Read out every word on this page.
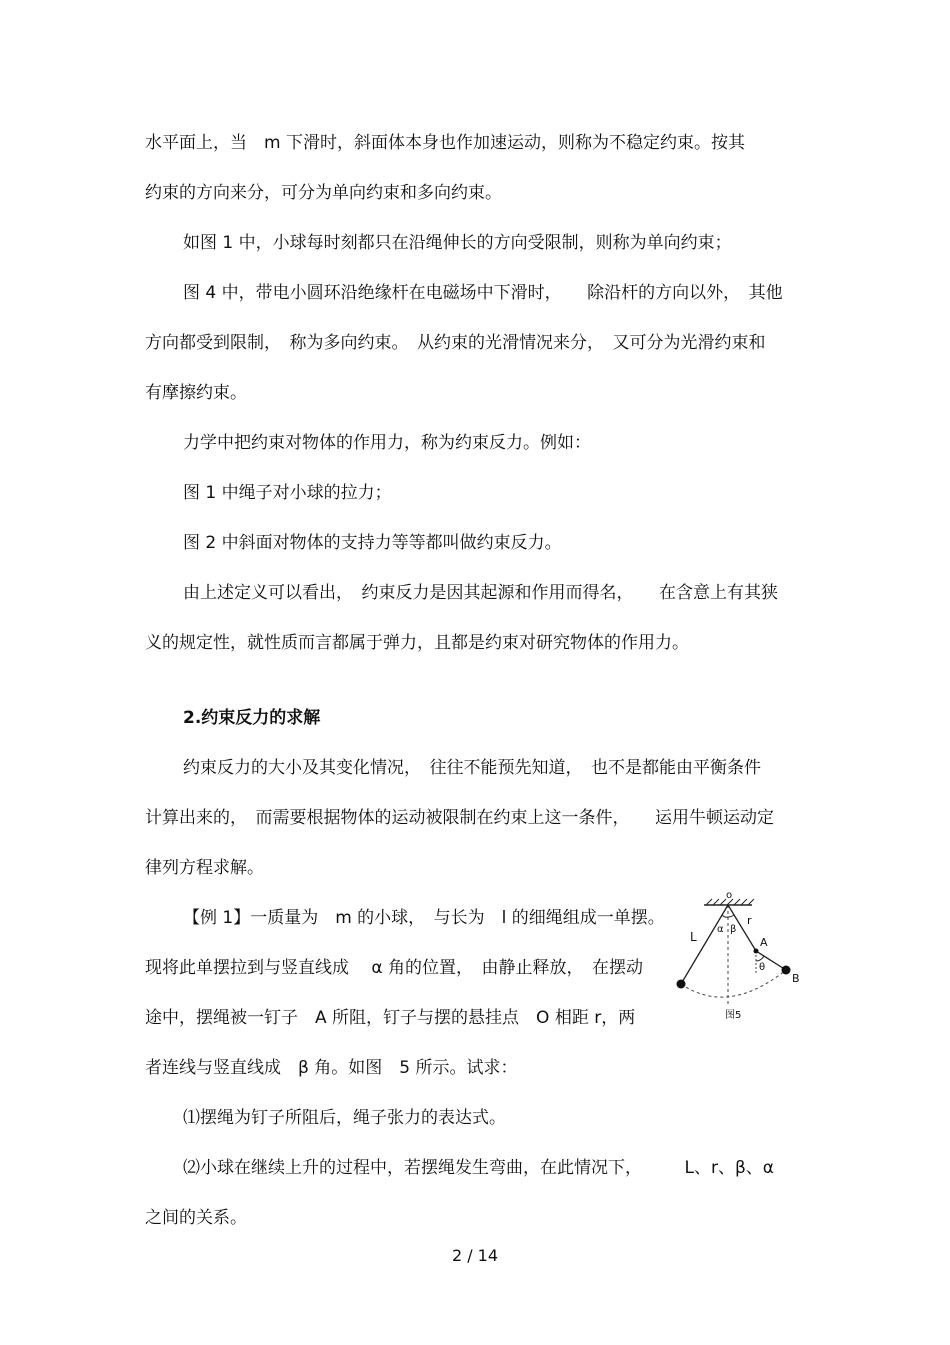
水平面上，当　m 下滑时，斜面体本身也作加速运动，则称为不稳定约束。按其

约束的方向来分，可分为单向约束和多向约束。

如图 1 中，小球每时刻都只在沿绳伸长的方向受限制，则称为单向约束；

图 4 中，带电小圆环沿绝缘杆在电磁场中下滑时，　　除沿杆的方向以外，　其他

方向都受到限制，　称为多向约束。　从约束的光滑情况来分，　又可分为光滑约束和

有摩擦约束。

力学中把约束对物体的作用力，称为约束反力。例如：

图 1 中绳子对小球的拉力；

图 2 中斜面对物体的支持力等等都叫做约束反力。

由上述定义可以看出，　约束反力是因其起源和作用而得名，　　在含意上有其狭

义的规定性，就性质而言都属于弹力，且都是约束对研究物体的作用力。

2.约束反力的求解

约束反力的大小及其变化情况，　往往不能预先知道，　也不是都能由平衡条件

计算出来的，　而需要根据物体的运动被限制在约束上这一条件，　　运用牛顿运动定

律列方程求解。

【例 1】一质量为　m 的小球，　与长为　l 的细绳组成一单摆。

现将此单摆拉到与竖直线成　 α 角的位置，　由静止释放，　在摆动

途中，摆绳被一钉子　A 所阻，钉子与摆的悬挂点　O 相距 r，两

者连线与竖直线成　β 角。如图　5 所示。试求：

⑴摆绳为钉子所阻后，绳子张力的表达式。

⑵小球在继续上升的过程中，若摆绳发生弯曲，在此情况下，　　　L、r、β、α

之间的关系。

o
L
α β
r
A
θ
B
图5
2 / 14
